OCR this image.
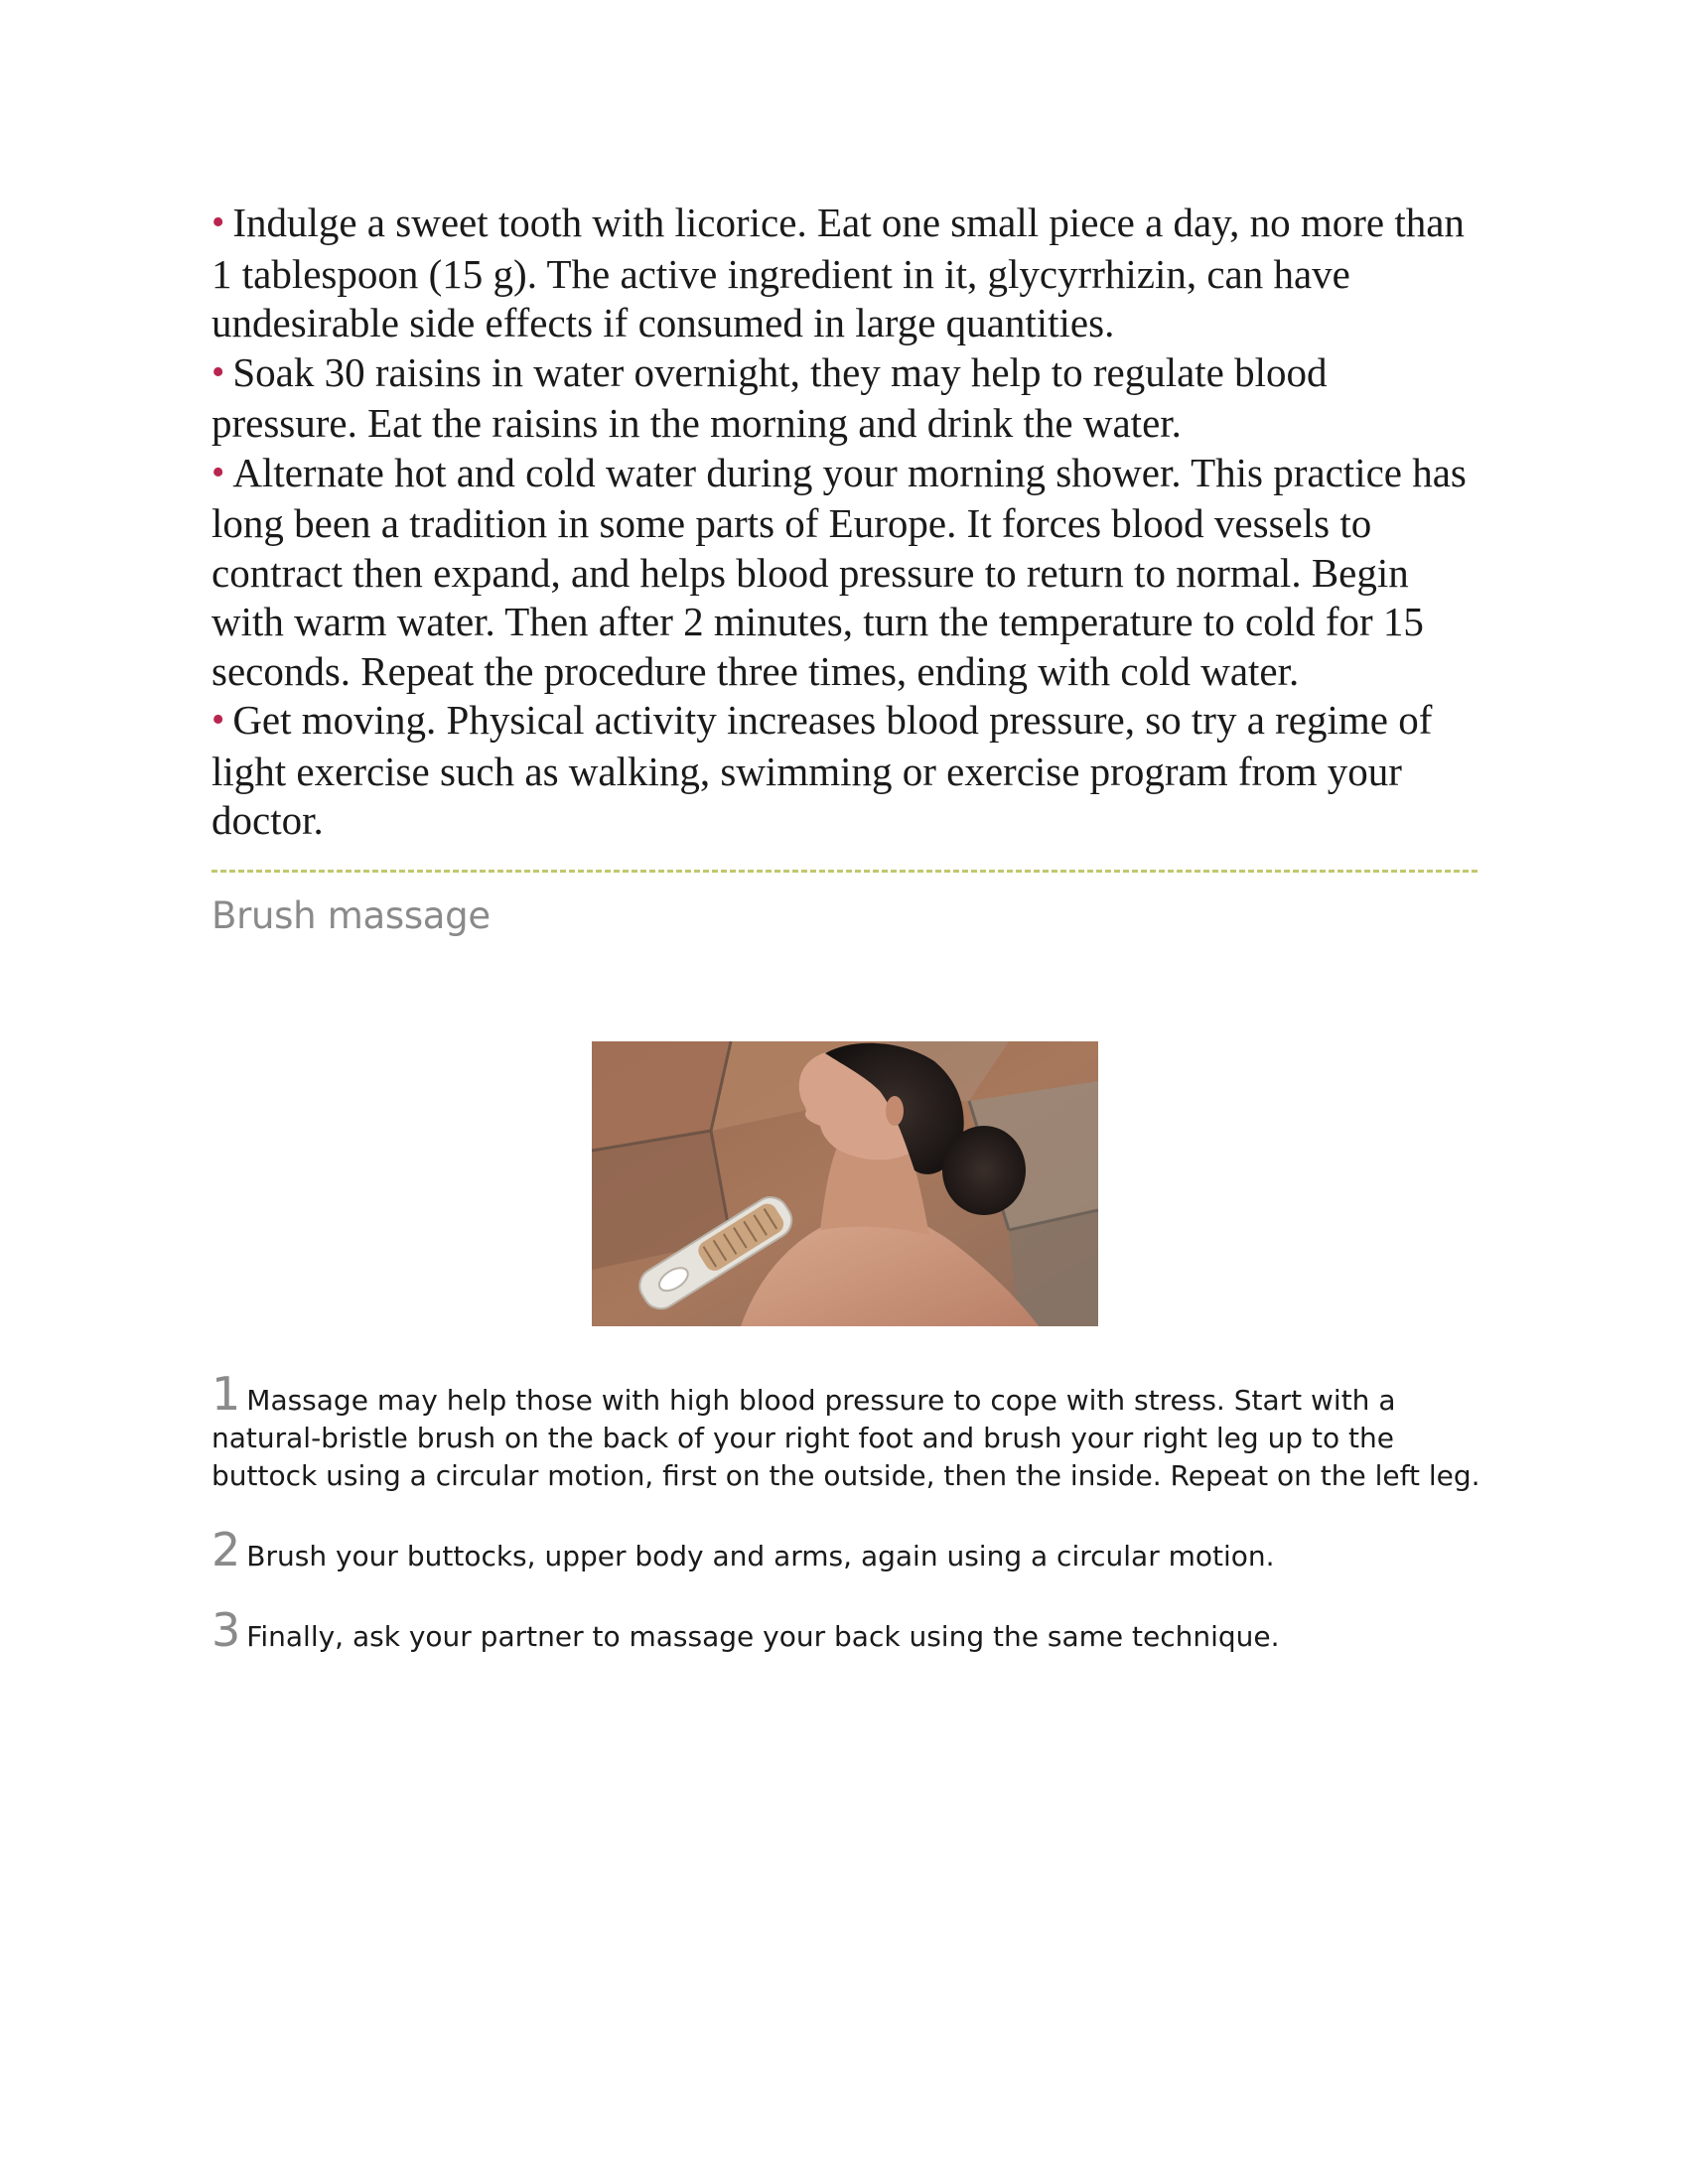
• Indulge a sweet tooth with licorice. Eat one small piece a day, no more than 1 tablespoon (15 g). The active ingredient in it, glycyrrhizin, can have undesirable side effects if consumed in large quantities.
• Soak 30 raisins in water overnight, they may help to regulate blood pressure. Eat the raisins in the morning and drink the water.
• Alternate hot and cold water during your morning shower. This practice has long been a tradition in some parts of Europe. It forces blood vessels to contract then expand, and helps blood pressure to return to normal. Begin with warm water. Then after 2 minutes, turn the temperature to cold for 15 seconds. Repeat the procedure three times, ending with cold water.
• Get moving. Physical activity increases blood pressure, so try a regime of light exercise such as walking, swimming or exercise program from your doctor.
Brush massage

1 Massage may help those with high blood pressure to cope with stress. Start with a natural-bristle brush on the back of your right foot and brush your right leg up to the buttock using a circular motion, first on the outside, then the inside. Repeat on the left leg.

2 Brush your buttocks, upper body and arms, again using a circular motion.

3 Finally, ask your partner to massage your back using the same technique.
